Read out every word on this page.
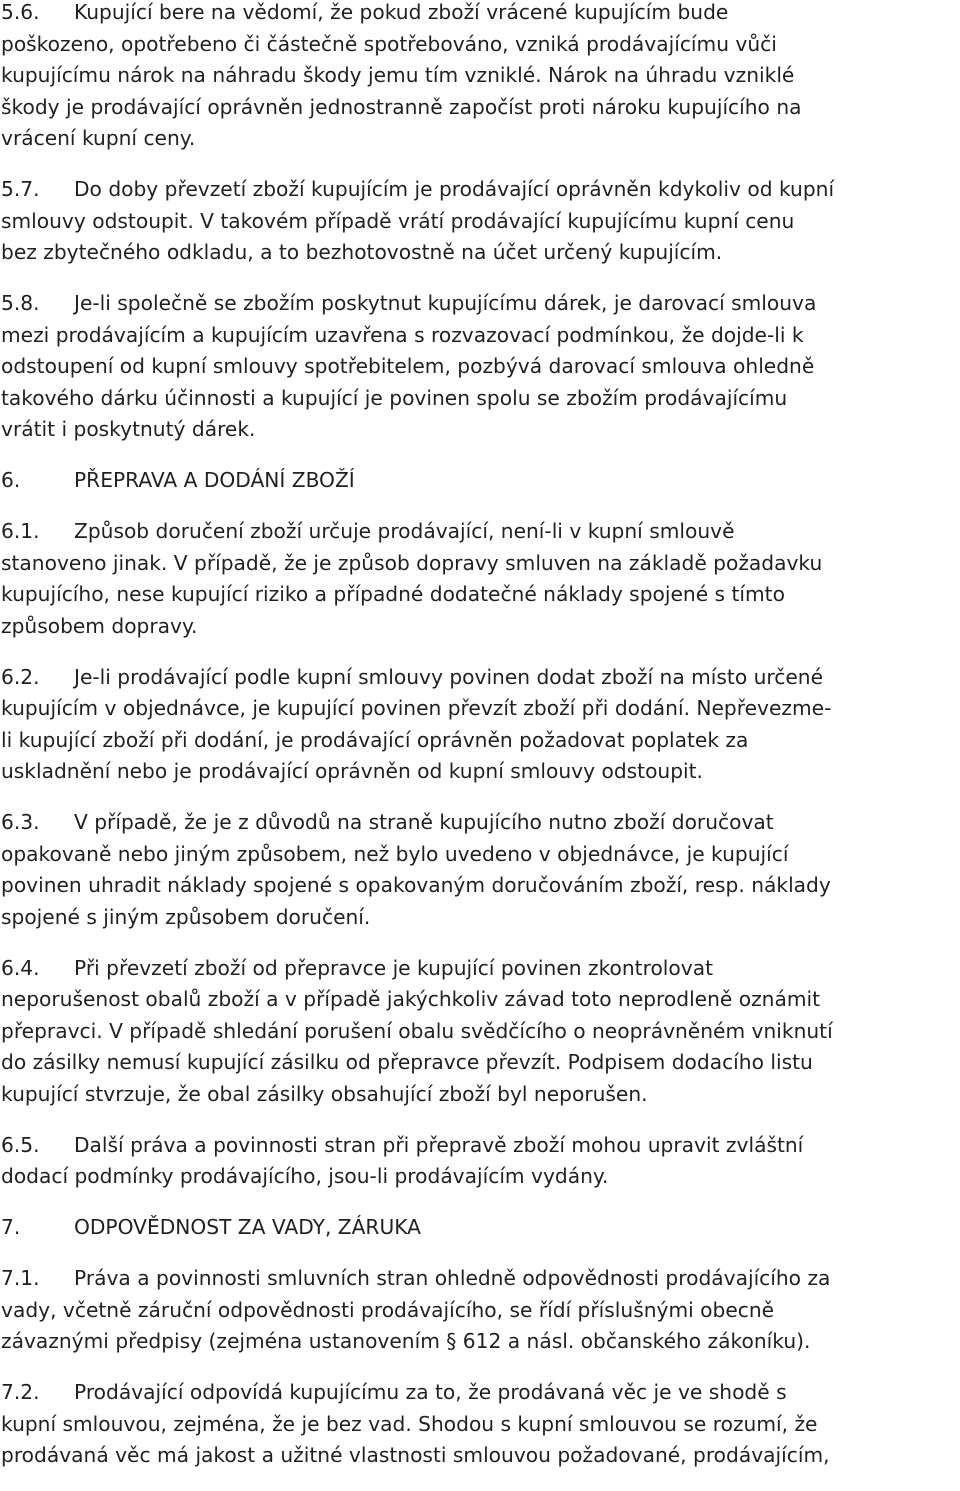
5.6. Kupující bere na vědomí, že pokud zboží vrácené kupujícím bude
poškozeno, opotřebeno či částečně spotřebováno, vzniká prodávajícímu vůči
kupujícímu nárok na náhradu škody jemu tím vzniklé. Nárok na úhradu vzniklé
škody je prodávající oprávněn jednostranně započíst proti nároku kupujícího na
vrácení kupní ceny.
5.7. Do doby převzetí zboží kupujícím je prodávající oprávněn kdykoliv od kupní
smlouvy odstoupit. V takovém případě vrátí prodávající kupujícímu kupní cenu
bez zbytečného odkladu, a to bezhotovostně na účet určený kupujícím.
5.8. Je-li společně se zbožím poskytnut kupujícímu dárek, je darovací smlouva
mezi prodávajícím a kupujícím uzavřena s rozvazovací podmínkou, že dojde-li k
odstoupení od kupní smlouvy spotřebitelem, pozbývá darovací smlouva ohledně
takového dárku účinnosti a kupující je povinen spolu se zbožím prodávajícímu
vrátit i poskytnutý dárek.
6.	PŘEPRAVA A DODÁNÍ ZBOŽÍ
6.1. Způsob doručení zboží určuje prodávající, není-li v kupní smlouvě
stanoveno jinak. V případě, že je způsob dopravy smluven na základě požadavku
kupujícího, nese kupující riziko a případné dodatečné náklady spojené s tímto
způsobem dopravy.
6.2. Je-li prodávající podle kupní smlouvy povinen dodat zboží na místo určené
kupujícím v objednávce, je kupující povinen převzít zboží při dodání. Nepřevezme-
li kupující zboží při dodání, je prodávající oprávněn požadovat poplatek za
uskladnění nebo je prodávající oprávněn od kupní smlouvy odstoupit.
6.3. V případě, že je z důvodů na straně kupujícího nutno zboží doručovat
opakovaně nebo jiným způsobem, než bylo uvedeno v objednávce, je kupující
povinen uhradit náklady spojené s opakovaným doručováním zboží, resp. náklady
spojené s jiným způsobem doručení.
6.4. Při převzetí zboží od přepravce je kupující povinen zkontrolovat
neporušenost obalů zboží a v případě jakýchkoliv závad toto neprodleně oznámit
přepravci. V případě shledání porušení obalu svědčícího o neoprávněném vniknutí
do zásilky nemusí kupující zásilku od přepravce převzít. Podpisem dodacího listu
kupující stvrzuje, že obal zásilky obsahující zboží byl neporušen.
6.5. Další práva a povinnosti stran při přepravě zboží mohou upravit zvláštní
dodací podmínky prodávajícího, jsou-li prodávajícím vydány.
7.	ODPOVĚDNOST ZA VADY, ZÁRUKA
7.1. Práva a povinnosti smluvních stran ohledně odpovědnosti prodávajícího za
vady, včetně záruční odpovědnosti prodávajícího, se řídí příslušnými obecně
závaznými předpisy (zejména ustanovením § 612 a násl. občanského zákoníku).
7.2. Prodávající odpovídá kupujícímu za to, že prodávaná věc je ve shodě s
kupní smlouvou, zejména, že je bez vad. Shodou s kupní smlouvou se rozumí, že
prodávaná věc má jakost a užitné vlastnosti smlouvou požadované, prodávajícím,
